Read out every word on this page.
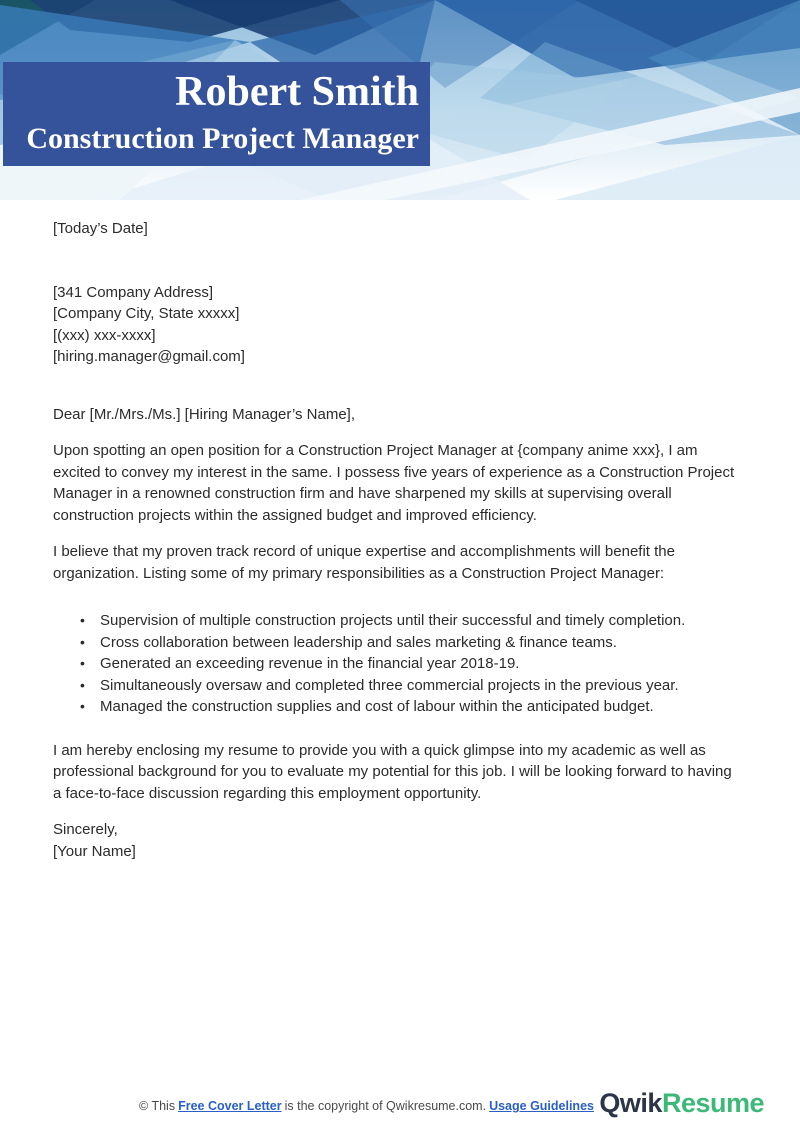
Robert Smith
Construction Project Manager

[Today’s Date]

[341 Company Address]

[Company City, State xxxxx]

[(xxx) xxx-xxxx]

[hiring.manager@gmail.com]

Dear [Mr./Mrs./Ms.] [Hiring Manager’s Name],

Upon spotting an open position for a Construction Project Manager at {company anime xxx}, I am excited to convey my interest in the same. I possess five years of experience as a Construction Project Manager in a renowned construction firm and have sharpened my skills at supervising overall construction projects within the assigned budget and improved efficiency.

I believe that my proven track record of unique expertise and accomplishments will benefit the organization. Listing some of my primary responsibilities as a Construction Project Manager:

• Supervision of multiple construction projects until their successful and timely completion.
• Cross collaboration between leadership and sales marketing & finance teams.
• Generated an exceeding revenue in the financial year 2018-19.
• Simultaneously oversaw and completed three commercial projects in the previous year.
• Managed the construction supplies and cost of labour within the anticipated budget.

I am hereby enclosing my resume to provide you with a quick glimpse into my academic as well as professional background for you to evaluate my potential for this job. I will be looking forward to having a face-to-face discussion regarding this employment opportunity.

Sincerely,

[Your Name]

© This Free Cover Letter is the copyright of Qwikresume.com. Usage Guidelines QwikResume
